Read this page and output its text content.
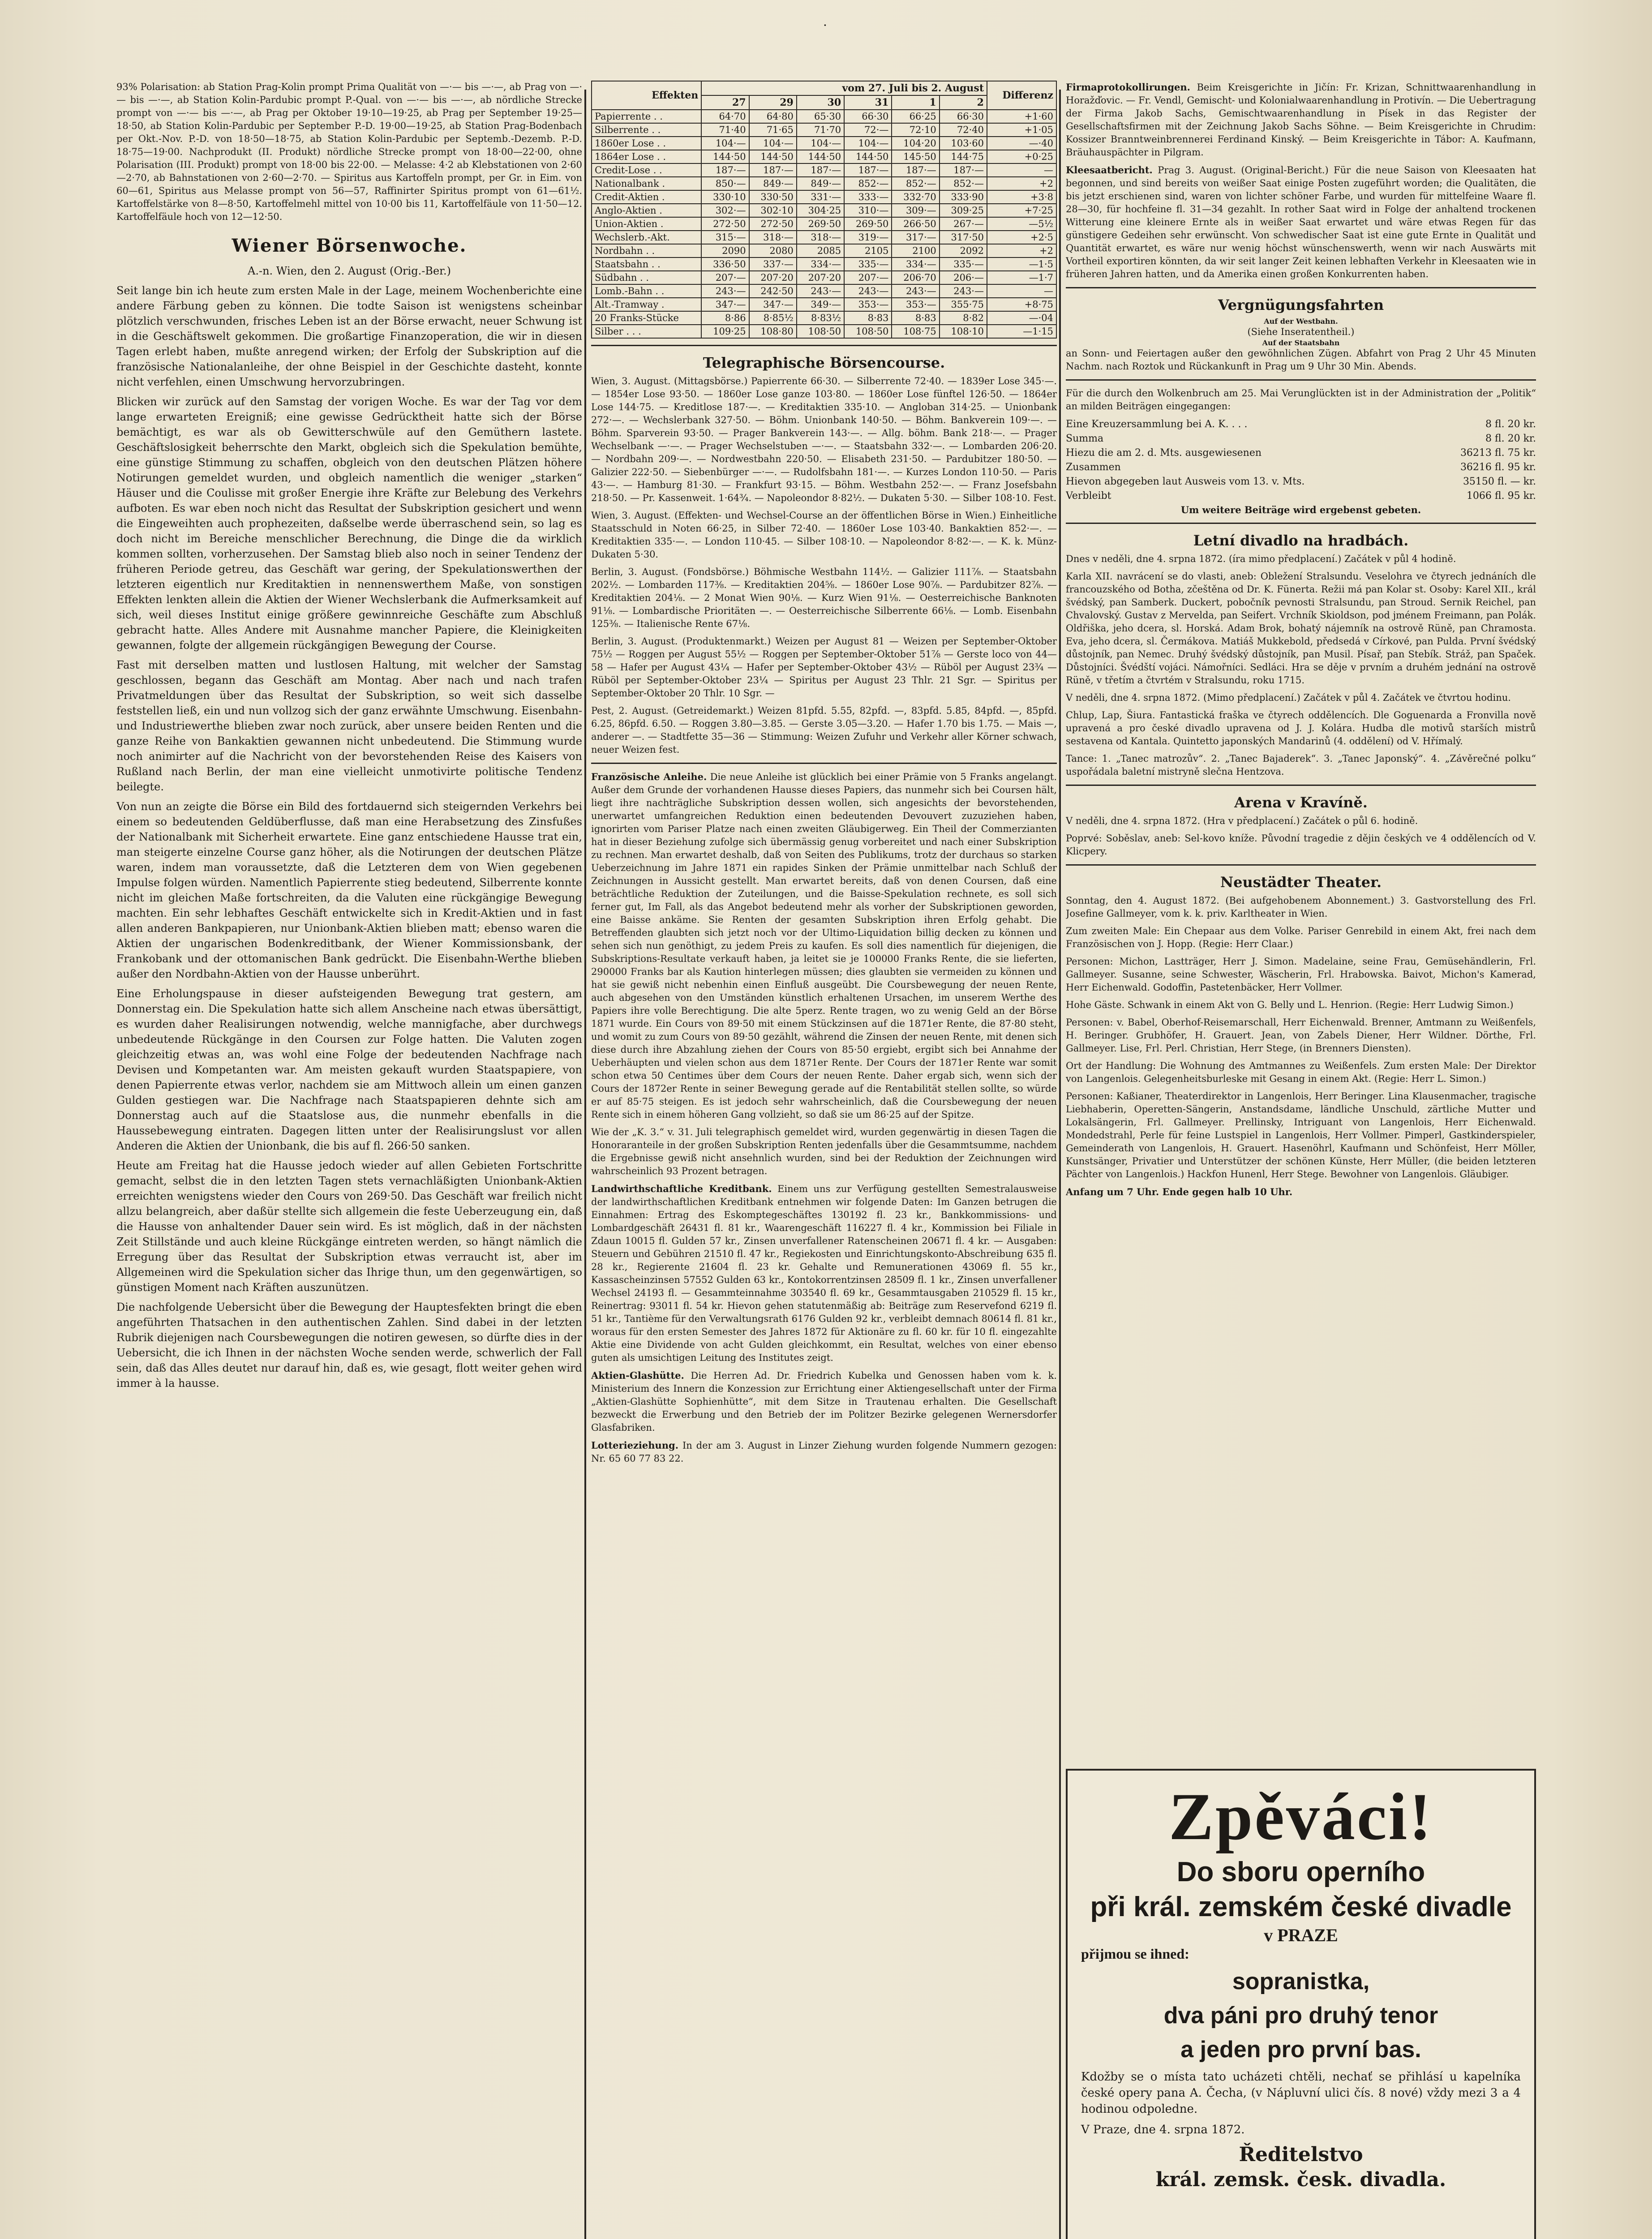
·

93% Polarisation: ab Station Prag-Kolin prompt Prima Qualität von —·— bis —·—, ab Prag von —·— bis —·—, ab Station Kolin-Pardubic prompt P.-Qual. von —·— bis —·—, ab nördliche Strecke prompt von —·— bis —·—, ab Prag per Oktober 19·10—19·25, ab Prag per September 19·25—18·50, ab Station Kolin-Pardubic per September P.-D. 19·00—19·25, ab Station Prag-Bodenbach per Okt.-Nov. P.-D. von 18·50—18·75, ab Station Kolin-Pardubic per Septemb.-Dezemb. P.-D. 18·75—19·00. Nachprodukt (II. Produkt) nördliche Strecke prompt von 18·00—22·00, ohne Polarisation (III. Produkt) prompt von 18·00 bis 22·00. — Melasse: 4·2 ab Klebstationen von 2·60—2·70, ab Bahnstationen von 2·60—2·70. — Spiritus aus Kartoffeln prompt, per Gr. in Eim. von 60—61, Spiritus aus Melasse prompt von 56—57, Raffinirter Spiritus prompt von 61—61½. Kartoffelstärke von 8—8·50, Kartoffelmehl mittel von 10·00 bis 11, Kartoffelfäule von 11·50—12. Kartoffelfäule hoch von 12—12·50.

Wiener Börsenwoche.

A.-n. Wien, den 2. August (Orig.-Ber.)

Seit lange bin ich heute zum ersten Male in der Lage, meinem Wochenberichte eine andere Färbung geben zu können. Die todte Saison ist wenigstens scheinbar plötzlich verschwunden, frisches Leben ist an der Börse erwacht, neuer Schwung ist in die Geschäftswelt gekommen. Die großartige Finanzoperation, die wir in diesen Tagen erlebt haben, mußte anregend wirken; der Erfolg der Subskription auf die französische Nationalanleihe, der ohne Beispiel in der Geschichte dasteht, konnte nicht verfehlen, einen Umschwung hervorzubringen.

Blicken wir zurück auf den Samstag der vorigen Woche. Es war der Tag vor dem lange erwarteten Ereigniß; eine gewisse Gedrücktheit hatte sich der Börse bemächtigt, es war als ob Gewitterschwüle auf den Gemüthern lastete. Geschäftslosigkeit beherrschte den Markt, obgleich sich die Spekulation bemühte, eine günstige Stimmung zu schaffen, obgleich von den deutschen Plätzen höhere Notirungen gemeldet wurden, und obgleich namentlich die weniger „starken“ Häuser und die Coulisse mit großer Energie ihre Kräfte zur Belebung des Verkehrs aufboten. Es war eben noch nicht das Resultat der Subskription gesichert und wenn die Eingeweihten auch prophezeiten, daßselbe werde überraschend sein, so lag es doch nicht im Bereiche menschlicher Berechnung, die Dinge die da wirklich kommen sollten, vorherzusehen. Der Samstag blieb also noch in seiner Tendenz der früheren Periode getreu, das Geschäft war gering, der Spekulationswerthen der letzteren eigentlich nur Kreditaktien in nennenswerthem Maße, von sonstigen Effekten lenkten allein die Aktien der Wiener Wechslerbank die Aufmerksamkeit auf sich, weil dieses Institut einige größere gewinnreiche Geschäfte zum Abschluß gebracht hatte. Alles Andere mit Ausnahme mancher Papiere, die Kleinigkeiten gewannen, folgte der allgemein rückgängigen Bewegung der Course.

Fast mit derselben matten und lustlosen Haltung, mit welcher der Samstag geschlossen, begann das Geschäft am Montag. Aber nach und nach trafen Privatmeldungen über das Resultat der Subskription, so weit sich dasselbe feststellen ließ, ein und nun vollzog sich der ganz erwähnte Umschwung. Eisenbahn- und Industriewerthe blieben zwar noch zurück, aber unsere beiden Renten und die ganze Reihe von Bankaktien gewannen nicht unbedeutend. Die Stimmung wurde noch animirter auf die Nachricht von der bevorstehenden Reise des Kaisers von Rußland nach Berlin, der man eine vielleicht unmotivirte politische Tendenz beilegte.

Von nun an zeigte die Börse ein Bild des fortdauernd sich steigernden Verkehrs bei einem so bedeutenden Geldüberflusse, daß man eine Herabsetzung des Zinsfußes der Nationalbank mit Sicherheit erwartete. Eine ganz entschiedene Hausse trat ein, man steigerte einzelne Course ganz höher, als die Notirungen der deutschen Plätze waren, indem man voraussetzte, daß die Letzteren dem von Wien gegebenen Impulse folgen würden. Namentlich Papierrente stieg bedeutend, Silberrente konnte nicht im gleichen Maße fortschreiten, da die Valuten eine rückgängige Bewegung machten. Ein sehr lebhaftes Geschäft entwickelte sich in Kredit-Aktien und in fast allen anderen Bankpapieren, nur Unionbank-Aktien blieben matt; ebenso waren die Aktien der ungarischen Bodenkreditbank, der Wiener Kommissionsbank, der Frankobank und der ottomanischen Bank gedrückt. Die Eisenbahn-Werthe blieben außer den Nordbahn-Aktien von der Hausse unberührt.

Eine Erholungspause in dieser aufsteigenden Bewegung trat gestern, am Donnerstag ein. Die Spekulation hatte sich allem Anscheine nach etwas übersättigt, es wurden daher Realisirungen notwendig, welche mannigfache, aber durchwegs unbedeutende Rückgänge in den Coursen zur Folge hatten. Die Valuten zogen gleichzeitig etwas an, was wohl eine Folge der bedeutenden Nachfrage nach Devisen und Kompetanten war. Am meisten gekauft wurden Staatspapiere, von denen Papierrente etwas verlor, nachdem sie am Mittwoch allein um einen ganzen Gulden gestiegen war. Die Nachfrage nach Staatspapieren dehnte sich am Donnerstag auch auf die Staatslose aus, die nunmehr ebenfalls in die Haussebewegung eintraten. Dagegen litten unter der Realisirungslust vor allen Anderen die Aktien der Unionbank, die bis auf fl. 266·50 sanken.

Heute am Freitag hat die Hausse jedoch wieder auf allen Gebieten Fortschritte gemacht, selbst die in den letzten Tagen stets vernachläßigten Unionbank-Aktien erreichten wenigstens wieder den Cours von 269·50. Das Geschäft war freilich nicht allzu belangreich, aber daßür stellte sich allgemein die feste Ueberzeugung ein, daß die Hausse von anhaltender Dauer sein wird. Es ist möglich, daß in der nächsten Zeit Stillstände und auch kleine Rückgänge eintreten werden, so hängt nämlich die Erregung über das Resultat der Subskription etwas verraucht ist, aber im Allgemeinen wird die Spekulation sicher das Ihrige thun, um den gegenwärtigen, so günstigen Moment nach Kräften auszunützen.

Die nachfolgende Uebersicht über die Bewegung der Hauptesfekten bringt die eben angeführten Thatsachen in den authentischen Zahlen. Sind dabei in der letzten Rubrik diejenigen nach Coursbewegungen die notiren gewesen, so dürfte dies in der Uebersicht, die ich Ihnen in der nächsten Woche senden werde, schwerlich der Fall sein, daß das Alles deutet nur darauf hin, daß es, wie gesagt, flott weiter gehen wird immer à la hausse.

Effekten	vom 27. Juli bis 2. August						Differenz
	27	29	30	31	1	2	
Papierrente . .	64·70	64·80	65·30	66·30	66·25	66·30	+1·60
Silberrente . .	71·40	71·65	71·70	72·—	72·10	72·40	+1·05
1860er Lose . .	104·—	104·—	104·—	104·—	104·20	103·60	—·40
1864er Lose . .	144·50	144·50	144·50	144·50	145·50	144·75	+0·25
Credit-Lose . .	187·—	187·—	187·—	187·—	187·—	187·—	—
Nationalbank .	850·—	849·—	849·—	852·—	852·—	852·—	+2
Credit-Aktien .	330·10	330·50	331·—	333·—	332·70	333·90	+3·8
Anglo-Aktien .	302·—	302·10	304·25	310·—	309·—	309·25	+7·25
Union-Aktien .	272·50	272·50	269·50	269·50	266·50	267·—	—5½
Wechslerb.-Akt.	315·—	318·—	318·—	319·—	317·—	317·50	+2·5
Nordbahn . .	2090	2080	2085	2105	2100	2092	+2
Staatsbahn . .	336·50	337·—	334·—	335·—	334·—	335·—	—1·5
Südbahn . .	207·—	207·20	207·20	207·—	206·70	206·—	—1·7
Lomb.-Bahn . .	243·—	242·50	243·—	243·—	243·—	243·—	—
Alt.-Tramway .	347·—	347·—	349·—	353·—	353·—	355·75	+8·75
20 Franks-Stücke	8·86	8·85½	8·83½	8·83	8·83	8·82	—·04
Silber . . .	109·25	108·80	108·50	108·50	108·75	108·10	—1·15
Telegraphische Börsencourse.

Wien, 3. August. (Mittagsbörse.) Papierrente 66·30. — Silberrente 72·40. — 1839er Lose 345·—. — 1854er Lose 93·50. — 1860er Lose ganze 103·80. — 1860er Lose fünftel 126·50. — 1864er Lose 144·75. — Kreditlose 187·—. — Kreditaktien 335·10. — Angloban 314·25. — Unionbank 272·—. — Wechslerbank 327·50. — Böhm. Unionbank 140·50. — Böhm. Bankverein 109·—. — Böhm. Sparverein 93·50. — Prager Bankverein 143·—. — Allg. böhm. Bank 218·—. — Prager Wechselbank —·—. — Prager Wechselstuben —·—. — Staatsbahn 332·—. — Lombarden 206·20. — Nordbahn 209·—. — Nordwestbahn 220·50. — Elisabeth 231·50. — Pardubitzer 180·50. — Galizier 222·50. — Siebenbürger —·—. — Rudolfsbahn 181·—. — Kurzes London 110·50. — Paris 43·—. — Hamburg 81·30. — Frankfurt 93·15. — Böhm. Westbahn 252·—. — Franz Josefsbahn 218·50. — Pr. Kassenweit. 1·64¾. — Napoleondor 8·82½. — Dukaten 5·30. — Silber 108·10. Fest.

Wien, 3. August. (Effekten- und Wechsel-Course an der öffentlichen Börse in Wien.) Einheitliche Staatsschuld in Noten 66·25, in Silber 72·40. — 1860er Lose 103·40. Bankaktien 852·—. — Kreditaktien 335·—. — London 110·45. — Silber 108·10. — Napoleondor 8·82·—. — K. k. Münz-Dukaten 5·30.

Berlin, 3. August. (Fondsbörse.) Böhmische Westbahn 114½. — Galizier 111⅞. — Staatsbahn 202½. — Lombarden 117⅜. — Kreditaktien 204⅝. — 1860er Lose 90⅞. — Pardubitzer 82⅞. — Kreditaktien 204⅛. — 2 Monat Wien 90⅛. — Kurz Wien 91⅛. — Oesterreichische Banknoten 91⅛. — Lombardische Prioritäten —. — Oesterreichische Silberrente 66⅛. — Lomb. Eisenbahn 125⅜. — Italienische Rente 67⅛.

Berlin, 3. August. (Produktenmarkt.) Weizen per August 81 — Weizen per September-Oktober 75½ — Roggen per August 55½ — Roggen per September-Oktober 51⅞ — Gerste loco von 44—58 — Hafer per August 43¼ — Hafer per September-Oktober 43½ — Rüböl per August 23¾ — Rüböl per September-Oktober 23¼ — Spiritus per August 23 Thlr. 21 Sgr. — Spiritus per September-Oktober 20 Thlr. 10 Sgr. —

Pest, 2. August. (Getreidemarkt.) Weizen 81pfd. 5.55, 82pfd. —, 83pfd. 5.85, 84pfd. —, 85pfd. 6.25, 86pfd. 6.50. — Roggen 3.80—3.85. — Gerste 3.05—3.20. — Hafer 1.70 bis 1.75. — Mais —, anderer —. — Stadtfette 35—36 — Stimmung: Weizen Zufuhr und Verkehr aller Körner schwach, neuer Weizen fest.

Französische Anleihe. Die neue Anleihe ist glücklich bei einer Prämie von 5 Franks angelangt. Außer dem Grunde der vorhandenen Hausse dieses Papiers, das nunmehr sich bei Coursen hält, liegt ihre nachträgliche Subskription dessen wollen, sich angesichts der bevorstehenden, unerwartet umfangreichen Reduktion einen bedeutenden Devouvert zuzuziehen haben, ignorirten vom Pariser Platze nach einen zweiten Gläubigerweg. Ein Theil der Commerzianten hat in dieser Beziehung zufolge sich übermässig genug vorbereitet und nach einer Subskription zu rechnen. Man erwartet deshalb, daß von Seiten des Publikums, trotz der durchaus so starken Ueberzeichnung im Jahre 1871 ein rapides Sinken der Prämie unmittelbar nach Schluß der Zeichnungen in Aussicht gestellt. Man erwartet bereits, daß von denen Coursen, daß eine beträchtliche Reduktion der Zuteilungen, und die Baisse-Spekulation rechnete, es soll sich ferner gut, Im Fall, als das Angebot bedeutend mehr als vorher der Subskriptionen geworden, eine Baisse ankäme. Sie Renten der gesamten Subskription ihren Erfolg gehabt. Die Betreffenden glaubten sich jetzt noch vor der Ultimo-Liquidation billig decken zu können und sehen sich nun genöthigt, zu jedem Preis zu kaufen. Es soll dies namentlich für diejenigen, die Subskriptions-Resultate verkauft haben, ja leitet sie je 100000 Franks Rente, die sie lieferten, 290000 Franks bar als Kaution hinterlegen müssen; dies glaubten sie vermeiden zu können und hat sie gewiß nicht nebenhin einen Einfluß ausgeübt. Die Coursbewegung der neuen Rente, auch abgesehen von den Umständen künstlich erhaltenen Ursachen, im unserem Werthe des Papiers ihre volle Berechtigung. Die alte 5perz. Rente tragen, wo zu wenig Geld an der Börse 1871 wurde. Ein Cours von 89·50 mit einem Stückzinsen auf die 1871er Rente, die 87·80 steht, und womit zu zum Cours von 89·50 gezählt, während die Zinsen der neuen Rente, mit denen sich diese durch ihre Abzahlung ziehen der Cours von 85·50 ergiebt, ergibt sich bei Annahme der Ueberhäupten und vielen schon aus dem 1871er Rente. Der Cours der 1871er Rente war somit schon etwa 50 Centimes über dem Cours der neuen Rente. Daher ergab sich, wenn sich der Cours der 1872er Rente in seiner Bewegung gerade auf die Rentabilität stellen sollte, so würde er auf 85·75 steigen. Es ist jedoch sehr wahrscheinlich, daß die Coursbewegung der neuen Rente sich in einem höheren Gang vollzieht, so daß sie um 86·25 auf der Spitze.

Wie der „K. 3.“ v. 31. Juli telegraphisch gemeldet wird, wurden gegenwärtig in diesen Tagen die Honoraranteile in der großen Subskription Renten jedenfalls über die Gesammtsumme, nachdem die Ergebnisse gewiß nicht ansehnlich wurden, sind bei der Reduktion der Zeichnungen wird wahrscheinlich 93 Prozent betragen.

Landwirthschaftliche Kreditbank. Einem uns zur Verfügung gestellten Semestralausweise der landwirthschaftlichen Kreditbank entnehmen wir folgende Daten: Im Ganzen betrugen die Einnahmen: Ertrag des Eskomptegeschäftes 130192 fl. 23 kr., Bankkommissions- und Lombardgeschäft 26431 fl. 81 kr., Waarengeschäft 116227 fl. 4 kr., Kommission bei Filiale in Zdaun 10015 fl. Gulden 57 kr., Zinsen unverfallener Ratenscheinen 20671 fl. 4 kr. — Ausgaben: Steuern und Gebühren 21510 fl. 47 kr., Regiekosten und Einrichtungskonto-Abschreibung 635 fl. 28 kr., Regierente 21604 fl. 23 kr. Gehalte und Remunerationen 43069 fl. 55 kr., Kassascheinzinsen 57552 Gulden 63 kr., Kontokorrentzinsen 28509 fl. 1 kr., Zinsen unverfallener Wechsel 24193 fl. — Gesammteinnahme 303540 fl. 69 kr., Gesammtausgaben 210529 fl. 15 kr., Reinertrag: 93011 fl. 54 kr. Hievon gehen statutenmäßig ab: Beiträge zum Reservefond 6219 fl. 51 kr., Tantième für den Verwaltungsrath 6176 Gulden 92 kr., verbleibt demnach 80614 fl. 81 kr., woraus für den ersten Semester des Jahres 1872 für Aktionäre zu fl. 60 kr. für 10 fl. eingezahlte Aktie eine Dividende von acht Gulden gleichkommt, ein Resultat, welches von einer ebenso guten als umsichtigen Leitung des Institutes zeigt.

Aktien-Glashütte. Die Herren Ad. Dr. Friedrich Kubelka und Genossen haben vom k. k. Ministerium des Innern die Konzession zur Errichtung einer Aktiengesellschaft unter der Firma „Aktien-Glashütte Sophienhütte“, mit dem Sitze in Trautenau erhalten. Die Gesellschaft bezweckt die Erwerbung und den Betrieb der im Politzer Bezirke gelegenen Wernersdorfer Glasfabriken.

Lotterieziehung. In der am 3. August in Linzer Ziehung wurden folgende Nummern gezogen: Nr. 65 60 77 83 22.

Firmaprotokollirungen. Beim Kreisgerichte in Jičín: Fr. Krizan, Schnittwaarenhandlung in Horažďovic. — Fr. Vendl, Gemischt- und Kolonialwaarenhandlung in Protivín. — Die Uebertragung der Firma Jakob Sachs, Gemischtwaarenhandlung in Písek in das Register der Gesellschaftsfirmen mit der Zeichnung Jakob Sachs Söhne. — Beim Kreisgerichte in Chrudim: Kossizer Branntweinbrennerei Ferdinand Kinský. — Beim Kreisgerichte in Tábor: A. Kaufmann, Bräuhauspächter in Pilgram.

Kleesaatbericht. Prag 3. August. (Original-Bericht.) Für die neue Saison von Kleesaaten hat begonnen, und sind bereits von weißer Saat einige Posten zugeführt worden; die Qualitäten, die bis jetzt erschienen sind, waren von lichter schöner Farbe, und wurden für mittelfeine Waare fl. 28—30, für hochfeine fl. 31—34 gezahlt. In rother Saat wird in Folge der anhaltend trockenen Witterung eine kleinere Ernte als in weißer Saat erwartet und wäre etwas Regen für das günstigere Gedeihen sehr erwünscht. Von schwedischer Saat ist eine gute Ernte in Qualität und Quantität erwartet, es wäre nur wenig höchst wünschenswerth, wenn wir nach Auswärts mit Vortheil exportiren könnten, da wir seit langer Zeit keinen lebhaften Verkehr in Kleesaaten wie in früheren Jahren hatten, und da Amerika einen großen Konkurrenten haben.

Vergnügungsfahrten
Auf der Westbahn.
(Siehe Inseratentheil.)
Auf der Staatsbahn

an Sonn- und Feiertagen außer den gewöhnlichen Zügen. Abfahrt von Prag 2 Uhr 45 Minuten Nachm. nach Roztok und Rückankunft in Prag um 9 Uhr 30 Min. Abends.

Für die durch den Wolkenbruch am 25. Mai Verunglückten ist in der Administration der „Politik“ an milden Beiträgen eingegangen:

Eine Kreuzersammlung bei A. K. . . .	8 fl. 20 kr.
Summa	8 fl. 20 kr.
Hiezu die am 2. d. Mts. ausgewiesenen	36213 fl. 75 kr.
Zusammen	36216 fl. 95 kr.
Hievon abgegeben laut Ausweis vom 13. v. Mts.	35150 fl. — kr.
Verbleibt	1066 fl. 95 kr.

Um weitere Beiträge wird ergebenst gebeten.

Letní divadlo na hradbách.

Dnes v neděli, dne 4. srpna 1872. (íra mimo předplacení.) Začátek v půl 4 hodině.

Karla XII. navrácení se do vlasti, aneb: Obležení Stralsundu. Veselohra ve čtyrech jednáních dle francouzského od Botha, zčeštěna od Dr. K. Fünerta. Režii má pan Kolar st. Osoby: Karel XII., král švédský, pan Samberk. Duckert, pobočník pevnosti Stralsundu, pan Stroud. Sernik Reichel, pan Chvalovský. Gustav z Mervelda, pan Seifert. Vrchník Skioldson, pod jménem Freimann, pan Polák. Oldřiška, jeho dcera, sl. Horská. Adam Brok, bohatý nájemník na ostrově Rüně, pan Chramosta. Eva, jeho dcera, sl. Čermákova. Matiáš Mukkebold, předsedá v Církové, pan Pulda. První švédský důstojník, pan Nemec. Druhý švédský důstojník, pan Musil. Písař, pan Stebík. Stráž, pan Spaček. Důstojníci. Švédští vojáci. Námořníci. Sedláci. Hra se děje v prvním a druhém jednání na ostrově Rüně, v třetím a čtvrtém v Stralsundu, roku 1715.

V neděli, dne 4. srpna 1872. (Mimo předplacení.) Začátek v půl 4. Začátek ve čtvrtou hodinu.

Chlup, Lap, Šiura. Fantastická fraška ve čtyrech oddělencích. Dle Goguenarda a Fronvilla nově upravená a pro české divadlo upravena od J. J. Kolára. Hudba dle motivů starších mistrů sestavena od Kantala. Quintetto japonských Mandarinů (4. oddělení) od V. Hřímalý.

Tance: 1. „Tanec matrozův“. 2. „Tanec Bajaderek“. 3. „Tanec Japonský“. 4. „Závěrečné polku“ uspořádala baletní mistryně slečna Hentzova.

Arena v Kravíně.

V neděli, dne 4. srpna 1872. (Hra v předplacení.) Začátek o půl 6. hodině.

Poprvé: Soběslav, aneb: Sel-kovo kníže. Původní tragedie z dějin českých ve 4 oddělencích od V. Klicpery.

Neustädter Theater.

Sonntag, den 4. August 1872. (Bei aufgehobenem Abonnement.) 3. Gastvorstellung des Frl. Josefine Gallmeyer, vom k. k. priv. Karltheater in Wien.

Zum zweiten Male: Ein Chepaar aus dem Volke. Pariser Genrebild in einem Akt, frei nach dem Französischen von J. Hopp. (Regie: Herr Claar.)

Personen: Michon, Lastträger, Herr J. Simon. Madelaine, seine Frau, Gemüsehändlerin, Frl. Gallmeyer. Susanne, seine Schwester, Wäscherin, Frl. Hrabowska. Baivot, Michon's Kamerad, Herr Eichenwald. Godoffin, Pastetenbäcker, Herr Vollmer.

Hohe Gäste. Schwank in einem Akt von G. Belly und L. Henrion. (Regie: Herr Ludwig Simon.)

Personen: v. Babel, Oberhof-Reisemarschall, Herr Eichenwald. Brenner, Amtmann zu Weißenfels, H. Beringer. Grubhöfer, H. Grauert. Jean, von Zabels Diener, Herr Wildner. Dörthe, Frl. Gallmeyer. Lise, Frl. Perl. Christian, Herr Stege, (in Brenners Diensten).

Ort der Handlung: Die Wohnung des Amtmannes zu Weißenfels. Zum ersten Male: Der Direktor von Langenlois. Gelegenheitsburleske mit Gesang in einem Akt. (Regie: Herr L. Simon.)

Personen: Kaßianer, Theaterdirektor in Langenlois, Herr Beringer. Lina Klausenmacher, tragische Liebhaberin, Operetten-Sängerin, Anstandsdame, ländliche Unschuld, zärtliche Mutter und Lokalsängerin, Frl. Gallmeyer. Prellinsky, Intriguant von Langenlois, Herr Eichenwald. Mondedstrahl, Perle für feine Lustspiel in Langenlois, Herr Vollmer. Pimperl, Gastkinderspieler, Gemeinderath von Langenlois, H. Grauert. Hasenöhrl, Kaufmann und Schönfeist, Herr Möller, Kunstsänger, Privatier und Unterstützer der schönen Künste, Herr Müller, (die beiden letzteren Pächter von Langenlois.) Hackfon Hunenl, Herr Stege. Bewohner von Langenlois. Gläubiger.

Anfang um 7 Uhr. Ende gegen halb 10 Uhr.

Zpěváci!
Do sboru operního
při král. zemském české divadle
v PRAZE
přijmou se ihned:
sopranistka,
dva páni pro druhý tenor
a jeden pro první bas.

Kdožby se o místa tato ucházeti chtěli, nechať se přihlásí u kapelníka české opery pana A. Čecha, (v Nápluvní ulici čís. 8 nové) vždy mezi 3 a 4 hodinou odpoledne.

V Praze, dne 4. srpna 1872.

Ředitelstvo
král. zemsk. česk. divadla.
